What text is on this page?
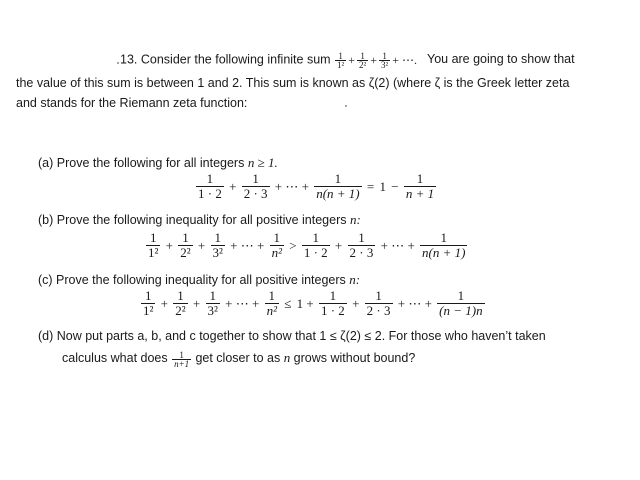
13. Consider the following infinite sum $\frac{1}{\text{1²}} + \frac{1}{\text{2²}} + \frac{1}{\text{3²}}$ + ⋯. You are going to show that
the value of this sum is between 1 and 2. This sum is known as ζ(2) (where ζ is the Greek letter zeta
and stands for the Riemann zeta function:
(a) Prove the following for all integers n ≥ 1.
$\frac{1}{1 \cdot 2} + \frac{1}{2 \cdot 3}$ + ⋯ + $\frac{1}{n(n + 1)} = 1 - \frac{1}{n + 1}$
(b) Prove the following inequality for all positive integers n:
$\frac{1}{\text{1²}} + \frac{1}{\text{2²}} + \frac{1}{\text{3²}}$ + ⋯ + $\frac{1}{\text{n²}} > \frac{1}{1 \cdot 2} + \frac{1}{2 \cdot 3}$ + ⋯ + $\frac{1}{n(n + 1)}$
(c) Prove the following inequality for all positive integers n:
$\frac{1}{\text{1²}} + \frac{1}{\text{2²}} + \frac{1}{\text{3²}}$ + ⋯ + $\frac{1}{\text{n²}} \le 1 + \frac{1}{1 \cdot 2} + \frac{1}{2 \cdot 3}$ + ⋯ + $\frac{1}{(n - 1)n}$
(d) Now put parts a, b, and c together to show that 1 ≤ ζ(2) ≤ 2. For those who haven’t taken
calculus what does $\frac{1}{n+1}$ get closer to as n grows without bound?
